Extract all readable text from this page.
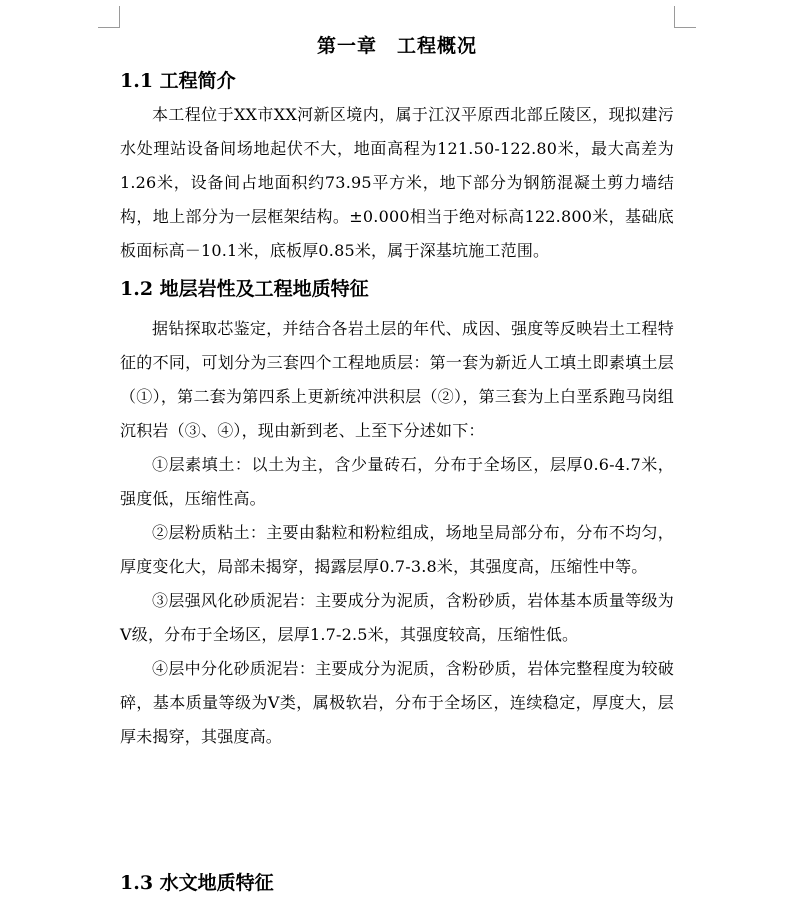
第一章　工程概况
1.1 工程简介

本工程位于XX市XX河新区境内，属于江汉平原西北部丘陵区，现拟建污水处理站设备间场地起伏不大，地面高程为121.50-122.80米，最大高差为1.26米，设备间占地面积约73.95平方米，地下部分为钢筋混凝土剪力墙结构，地上部分为一层框架结构。±0.000相当于绝对标高122.800米，基础底板面标高－10.1米，底板厚0.85米，属于深基坑施工范围。

1.2 地层岩性及工程地质特征

据钻探取芯鉴定，并结合各岩土层的年代、成因、强度等反映岩土工程特征的不同，可划分为三套四个工程地质层：第一套为新近人工填土即素填土层（①），第二套为第四系上更新统冲洪积层（②），第三套为上白垩系跑马岗组沉积岩（③、④），现由新到老、上至下分述如下：

①层素填土：以土为主，含少量砖石，分布于全场区，层厚0.6-4.7米，强度低，压缩性高。

②层粉质粘土：主要由黏粒和粉粒组成，场地呈局部分布，分布不均匀，厚度变化大，局部未揭穿，揭露层厚0.7-3.8米，其强度高，压缩性中等。

③层强风化砂质泥岩：主要成分为泥质，含粉砂质，岩体基本质量等级为Ⅴ级，分布于全场区，层厚1.7-2.5米，其强度较高，压缩性低。

④层中分化砂质泥岩：主要成分为泥质，含粉砂质，岩体完整程度为较破碎，基本质量等级为Ⅴ类，属极软岩，分布于全场区，连续稳定，厚度大，层厚未揭穿，其强度高。

1.3 水文地质特征
